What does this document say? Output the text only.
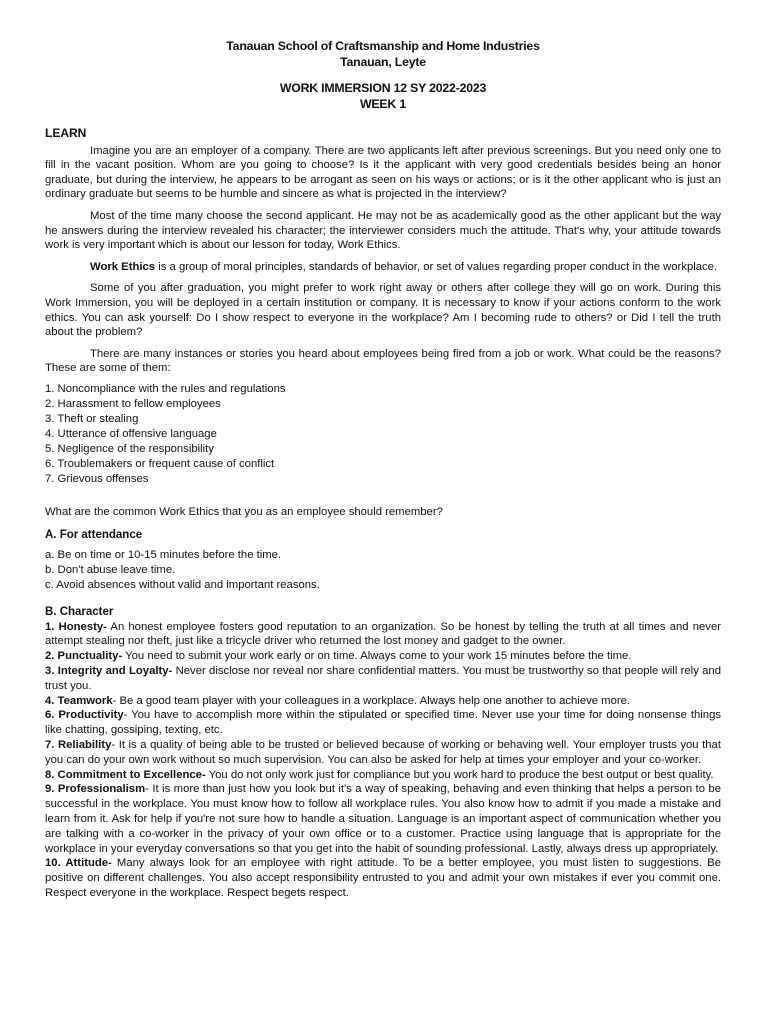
Tanauan School of Craftsmanship and Home Industries
Tanauan, Leyte
WORK IMMERSION 12 SY 2022-2023
WEEK 1
LEARN

Imagine you are an employer of a company. There are two applicants left after previous screenings. But you need only one to fill in the vacant position. Whom are you going to choose? Is it the applicant with very good credentials besides being an honor graduate, but during the interview, he appears to be arrogant as seen on his ways or actions; or is it the other applicant who is just an ordinary graduate but seems to be humble and sincere as what is projected in the interview?

Most of the time many choose the second applicant. He may not be as academically good as the other applicant but the way he answers during the interview revealed his character; the interviewer considers much the attitude. That's why, your attitude towards work is very important which is about our lesson for today, Work Ethics.

Work Ethics is a group of moral principles, standards of behavior, or set of values regarding proper conduct in the workplace.

Some of you after graduation, you might prefer to work right away or others after college they will go on work. During this Work Immersion, you will be deployed in a certain institution or company. It is necessary to know if your actions conform to the work ethics. You can ask yourself: Do I show respect to everyone in the workplace? Am I becoming rude to others? or Did I tell the truth about the problem?

There are many instances or stories you heard about employees being fired from a job or work. What could be the reasons? These are some of them:

1. Noncompliance with the rules and regulations
2. Harassment to fellow employees
3. Theft or stealing
4. Utterance of offensive language
5. Negligence of the responsibility
6. Troublemakers or frequent cause of conflict
7. Grievous offenses

What are the common Work Ethics that you as an employee should remember?

A. For attendance
a. Be on time or 10-15 minutes before the time.
b. Don't abuse leave time.
c. Avoid absences without valid and important reasons.
B. Character

1. Honesty- An honest employee fosters good reputation to an organization. So be honest by telling the truth at all times and never attempt stealing nor theft, just like a tricycle driver who returned the lost money and gadget to the owner.

2. Punctuality- You need to submit your work early or on time. Always come to your work 15 minutes before the time.

3. Integrity and Loyalty- Never disclose nor reveal nor share confidential matters. You must be trustworthy so that people will rely and trust you.

4. Teamwork- Be a good team player with your colleagues in a workplace. Always help one another to achieve more.

6. Productivity- You have to accomplish more within the stipulated or specified time. Never use your time for doing nonsense things like chatting, gossiping, texting, etc.

7. Reliability- It is a quality of being able to be trusted or believed because of working or behaving well. Your employer trusts you that you can do your own work without so much supervision. You can also be asked for help at times your employer and your co-worker.

8. Commitment to Excellence- You do not only work just for compliance but you work hard to produce the best output or best quality.

9. Professionalism- It is more than just how you look but it's a way of speaking, behaving and even thinking that helps a person to be successful in the workplace. You must know how to follow all workplace rules. You also know how to admit if you made a mistake and learn from it. Ask for help if you're not sure how to handle a situation. Language is an important aspect of communication whether you are talking with a co-worker in the privacy of your own office or to a customer. Practice using language that is appropriate for the workplace in your everyday conversations so that you get into the habit of sounding professional. Lastly, always dress up appropriately.

10. Attitude- Many always look for an employee with right attitude. To be a better employee, you must listen to suggestions. Be positive on different challenges. You also accept responsibility entrusted to you and admit your own mistakes if ever you commit one. Respect everyone in the workplace. Respect begets respect.
